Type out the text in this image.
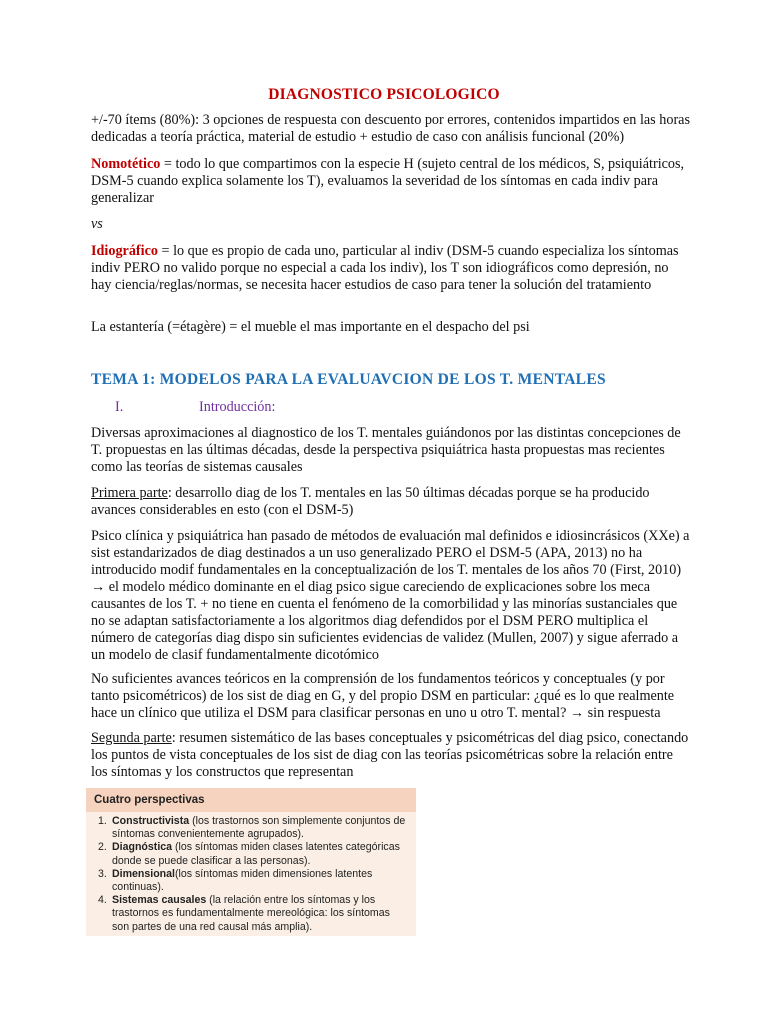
DIAGNOSTICO PSICOLOGICO

+/-70 ítems (80%): 3 opciones de respuesta con descuento por errores, contenidos impartidos en las horas dedicadas a teoría práctica, material de estudio + estudio de caso con análisis funcional (20%)

Nomotético = todo lo que compartimos con la especie H (sujeto central de los médicos, S, psiquiátricos, DSM-5 cuando explica solamente los T), evaluamos la severidad de los síntomas en cada indiv para generalizar

vs

Idiográfico = lo que es propio de cada uno, particular al indiv (DSM-5 cuando especializa los síntomas indiv PERO no valido porque no especial a cada los indiv), los T son idiográficos como depresión, no hay ciencia/reglas/normas, se necesita hacer estudios de caso para tener la solución del tratamiento

La estantería (=étagère) = el mueble el mas importante en el despacho del psi

TEMA 1: MODELOS PARA LA EVALUAVCION DE LOS T. MENTALES
I.	Introducción:

Diversas aproximaciones al diagnostico de los T. mentales guiándonos por las distintas concepciones de T. propuestas en las últimas décadas, desde la perspectiva psiquiátrica hasta propuestas mas recientes como las teorías de sistemas causales

Primera parte: desarrollo diag de los T. mentales en las 50 últimas décadas porque se ha producido avances considerables en esto (con el DSM-5)

Psico clínica y psiquiátrica han pasado de métodos de evaluación mal definidos e idiosincrásicos (XXe) a sist estandarizados de diag destinados a un uso generalizado PERO el DSM-5 (APA, 2013) no ha introducido modif fundamentales en la conceptualización de los T. mentales de los años 70 (First, 2010) → el modelo médico dominante en el diag psico sigue careciendo de explicaciones sobre los meca causantes de los T. + no tiene en cuenta el fenómeno de la comorbilidad y las minorías sustanciales que no se adaptan satisfactoriamente a los algoritmos diag defendidos por el DSM PERO multiplica el número de categorías diag dispo sin suficientes evidencias de validez (Mullen, 2007) y sigue aferrado a un modelo de clasif fundamentalmente dicotómico

No suficientes avances teóricos en la comprensión de los fundamentos teóricos y conceptuales (y por tanto psicométricos) de los sist de diag en G, y del propio DSM en particular: ¿qué es lo que realmente hace un clínico que utiliza el DSM para clasificar personas en uno u otro T. mental? → sin respuesta

Segunda parte: resumen sistemático de las bases conceptuales y psicométricas del diag psico, conectando los puntos de vista conceptuales de los sist de diag con las teorías psicométricas sobre la relación entre los síntomas y los constructos que representan

Cuatro perspectivas

1. Constructivista (los trastornos son simplemente conjuntos de síntomas convenientemente agrupados).

2. Diagnóstica (los síntomas miden clases latentes categóricas donde se puede clasificar a las personas).

3. Dimensional(los síntomas miden dimensiones latentes continuas).

4. Sistemas causales (la relación entre los síntomas y los trastornos es fundamentalmente mereológica: los síntomas son partes de una red causal más amplia).
